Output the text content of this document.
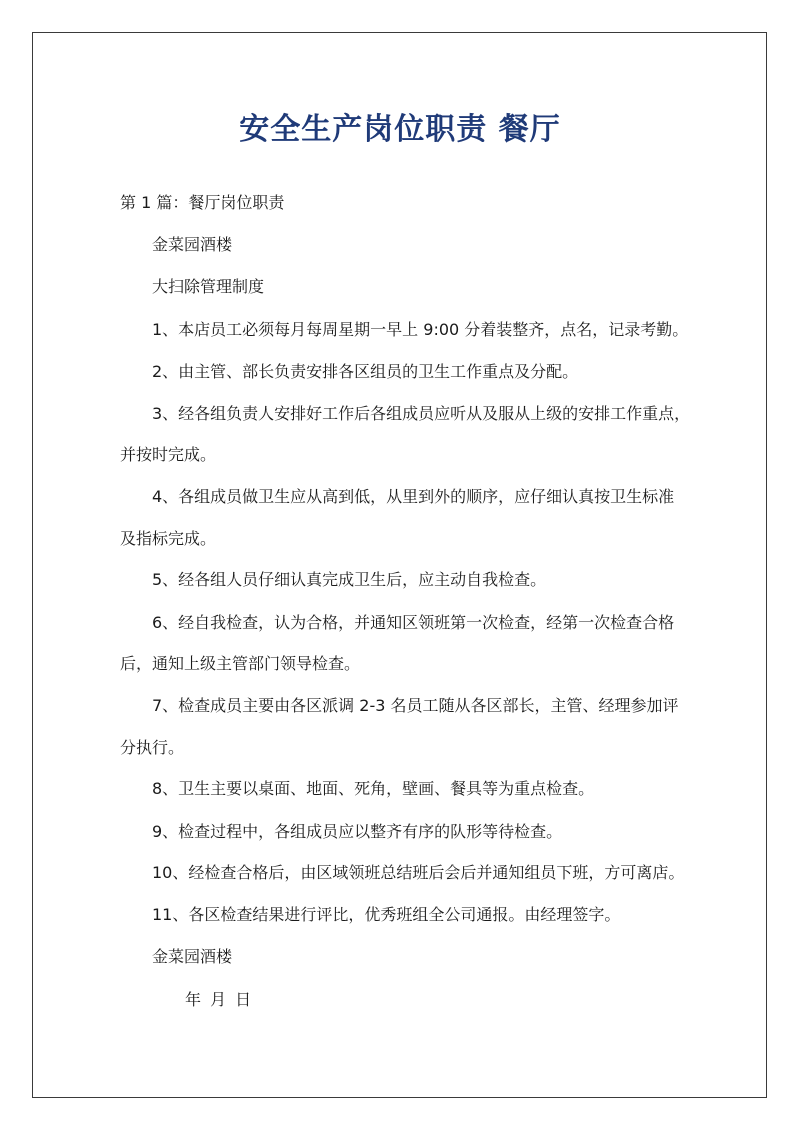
安全生产岗位职责 餐厅

第 1 篇：餐厅岗位职责

金菜园酒楼

大扫除管理制度

1、本店员工必须每月每周星期一早上 9:00 分着装整齐，点名，记录考勤。

2、由主管、部长负责安排各区组员的卫生工作重点及分配。

3、经各组负责人安排好工作后各组成员应听从及服从上级的安排工作重点，

并按时完成。

4、各组成员做卫生应从高到低，从里到外的顺序，应仔细认真按卫生标准

及指标完成。

5、经各组人员仔细认真完成卫生后，应主动自我检查。

6、经自我检查，认为合格，并通知区领班第一次检查，经第一次检查合格

后，通知上级主管部门领导检查。

7、检查成员主要由各区派调 2-3 名员工随从各区部长，主管、经理参加评

分执行。

8、卫生主要以桌面、地面、死角，壁画、餐具等为重点检查。

9、检查过程中，各组成员应以整齐有序的队形等待检查。

10、经检查合格后，由区域领班总结班后会后并通知组员下班，方可离店。

11、各区检查结果进行评比，优秀班组全公司通报。由经理签字。

金菜园酒楼

年 月 日
